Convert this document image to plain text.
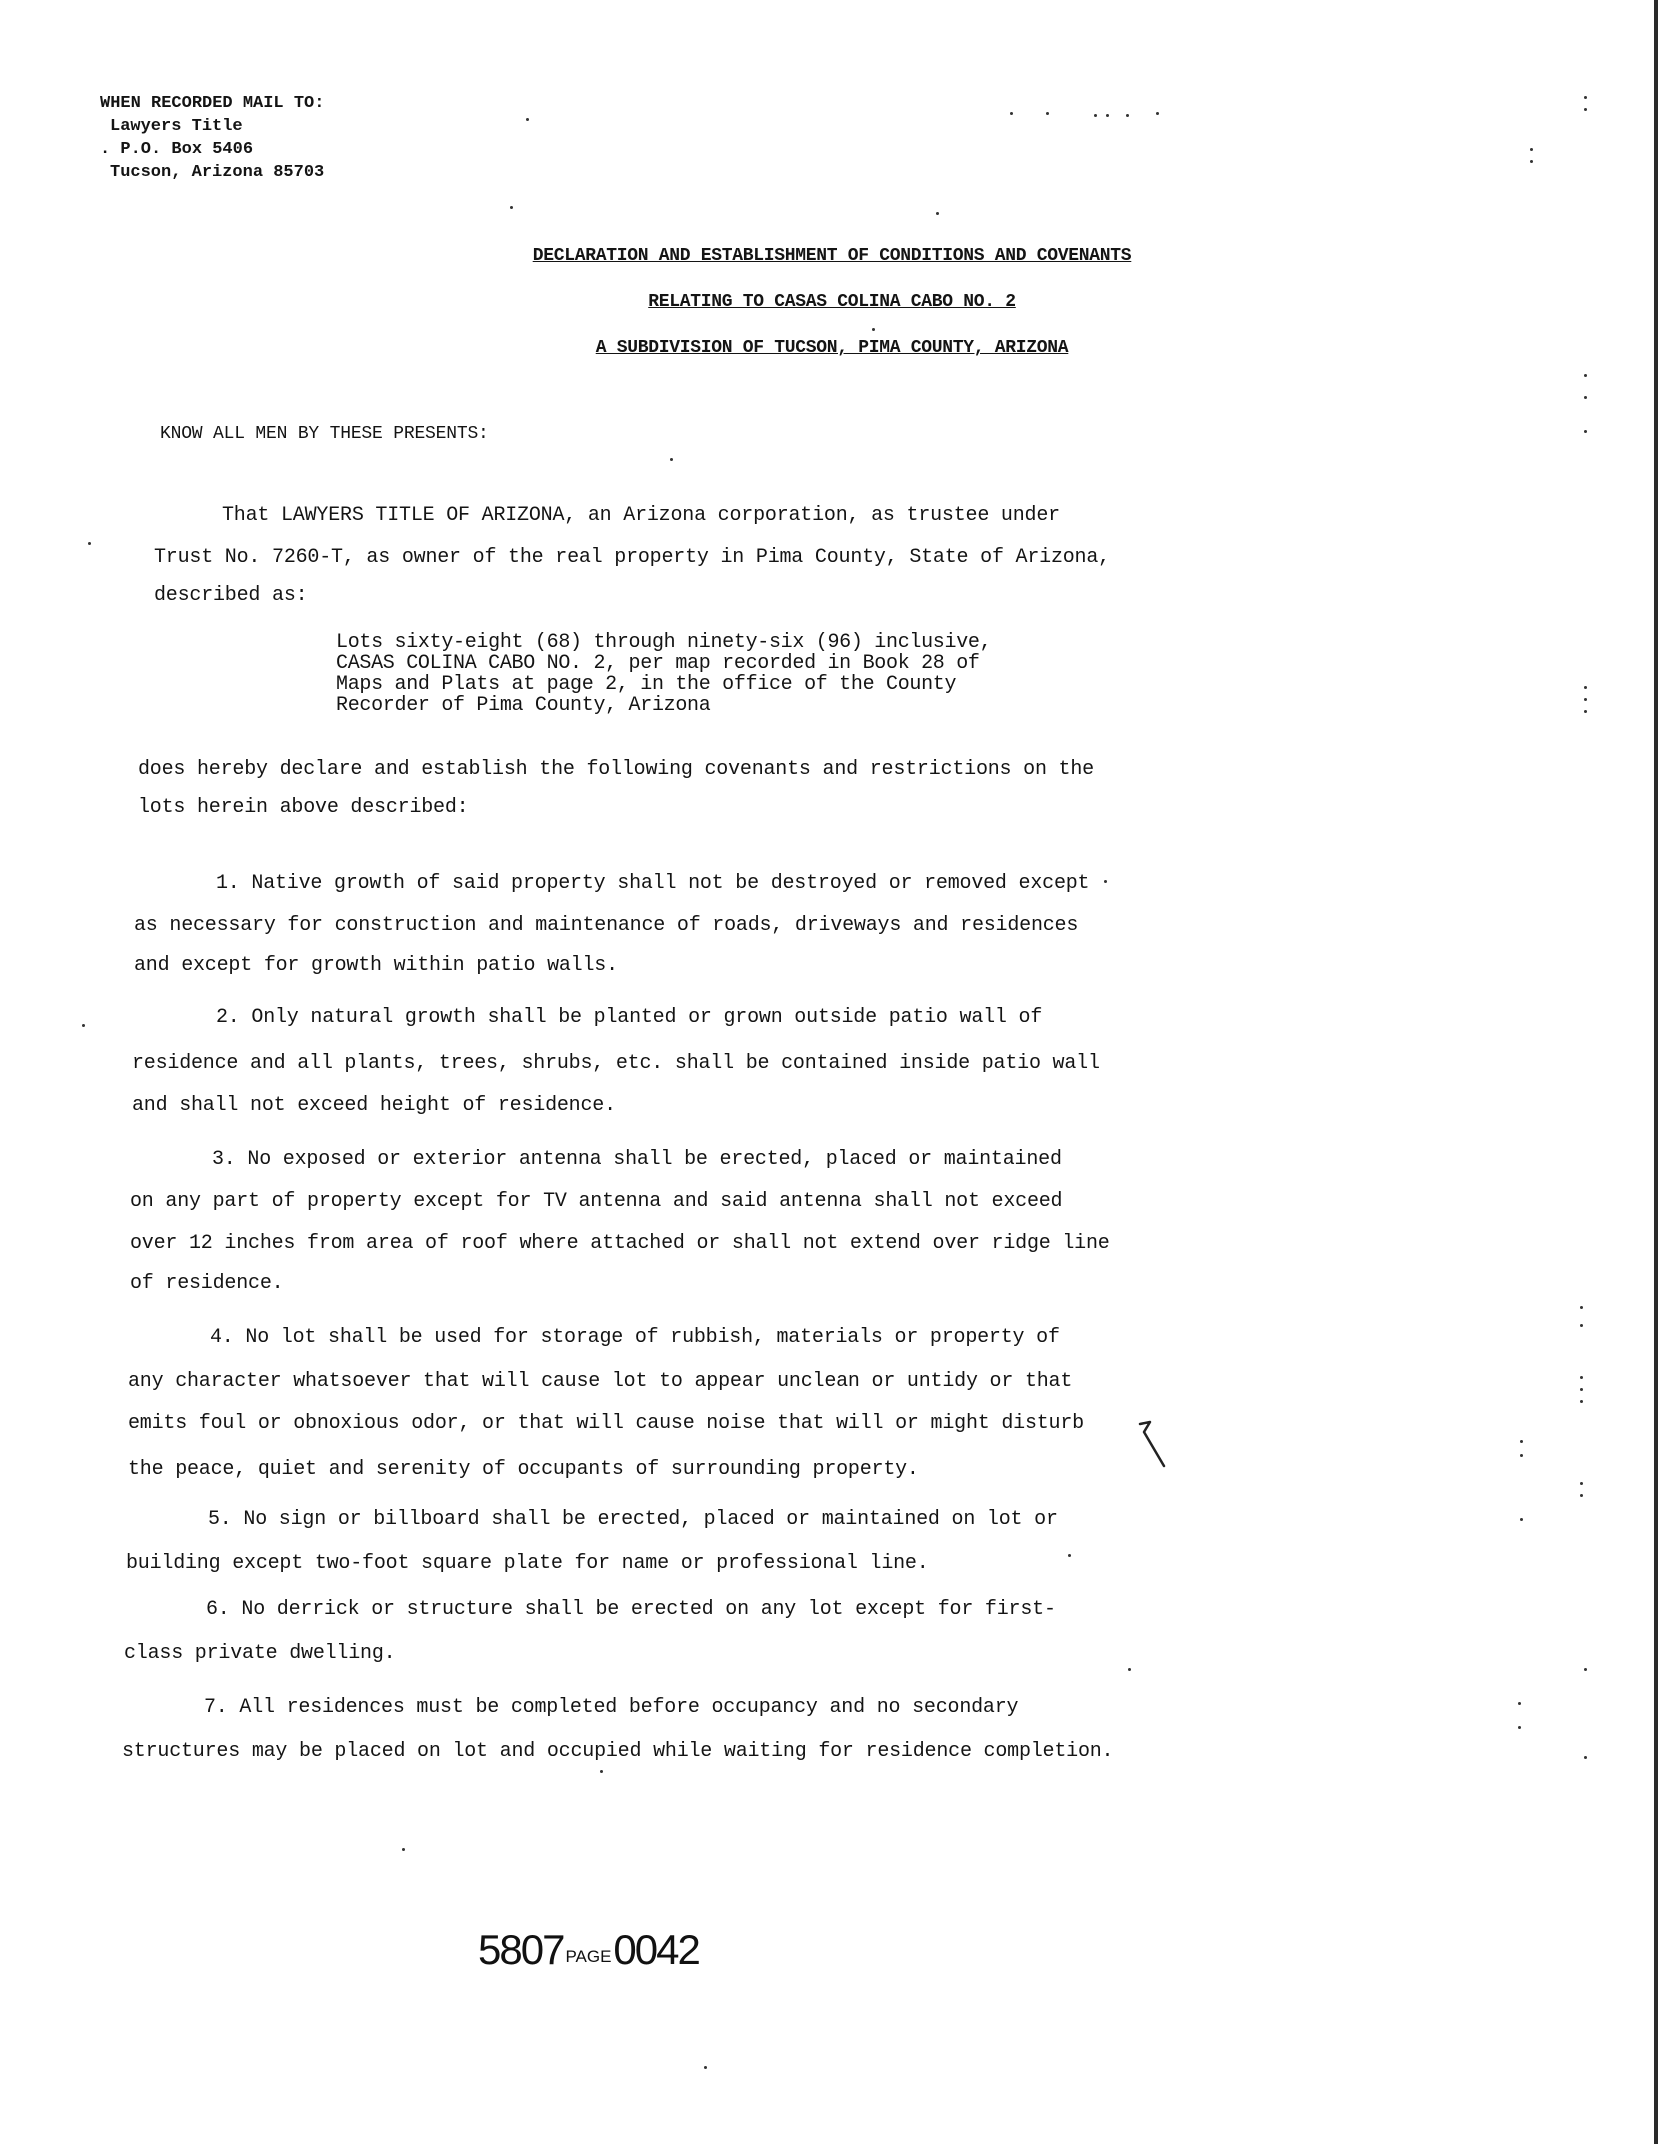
WHEN RECORDED MAIL TO:
Lawyers Title
. P.O. Box 5406
Tucson, Arizona 85703
DECLARATION AND ESTABLISHMENT OF CONDITIONS AND COVENANTS
RELATING TO CASAS COLINA CABO NO. 2
A SUBDIVISION OF TUCSON, PIMA COUNTY, ARIZONA
KNOW ALL MEN BY THESE PRESENTS:
That LAWYERS TITLE OF ARIZONA, an Arizona corporation, as trustee under
Trust No. 7260-T, as owner of the real property in Pima County, State of Arizona,
described as:
Lots sixty-eight (68) through ninety-six (96) inclusive,
CASAS COLINA CABO NO. 2, per map recorded in Book 28 of
Maps and Plats at page 2, in the office of the County
Recorder of Pima County, Arizona
does hereby declare and establish the following covenants and restrictions on the
lots herein above described:
1. Native growth of said property shall not be destroyed or removed except
as necessary for construction and maintenance of roads, driveways and residences
and except for growth within patio walls.
2. Only natural growth shall be planted or grown outside patio wall of
residence and all plants, trees, shrubs, etc. shall be contained inside patio wall
and shall not exceed height of residence.
3. No exposed or exterior antenna shall be erected, placed or maintained
on any part of property except for TV antenna and said antenna shall not exceed
over 12 inches from area of roof where attached or shall not extend over ridge line
of residence.
4. No lot shall be used for storage of rubbish, materials or property of
any character whatsoever that will cause lot to appear unclean or untidy or that
emits foul or obnoxious odor, or that will cause noise that will or might disturb
the peace, quiet and serenity of occupants of surrounding property.
5. No sign or billboard shall be erected, placed or maintained on lot or
building except two-foot square plate for name or professional line.
6. No derrick or structure shall be erected on any lot except for first-
class private dwelling.
7. All residences must be completed before occupancy and no secondary
structures may be placed on lot and occupied while waiting for residence completion.
5807 PAGE0042
